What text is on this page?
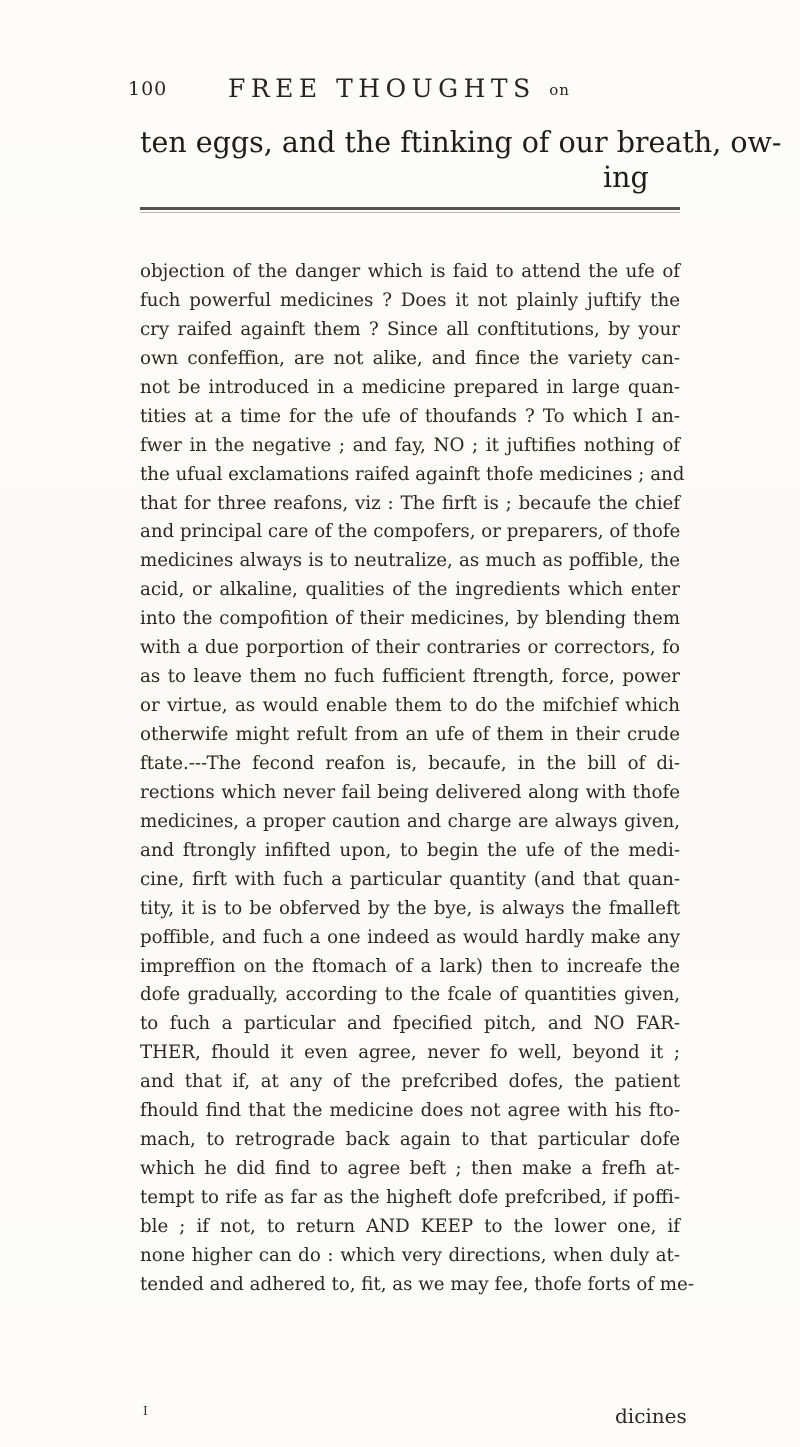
100 FREE THOUGHTS on
ten eggs, and the ftinking of our breath, ow-
ing
objection of the danger which is faid to attend the ufe of
fuch powerful medicines ? Does it not plainly juftify the
cry raifed againft them ? Since all conftitutions, by your
own confeffion, are not alike, and fince the variety can-
not be introduced in a medicine prepared in large quan-
tities at a time for the ufe of thoufands ? To which I an-
fwer in the negative ; and fay, NO ; it juftifies nothing of
the ufual exclamations raifed againft thofe medicines ; and
that for three reafons, viz : The firft is ; becaufe the chief
and principal care of the compofers, or preparers, of thofe
medicines always is to neutralize, as much as poffible, the
acid, or alkaline, qualities of the ingredients which enter
into the compofition of their medicines, by blending them
with a due porportion of their contraries or correctors, fo
as to leave them no fuch fufficient ftrength, force, power
or virtue, as would enable them to do the mifchief which
otherwife might refult from an ufe of them in their crude
ftate.---The fecond reafon is, becaufe, in the bill of di-
rections which never fail being delivered along with thofe
medicines, a proper caution and charge are always given,
and ftrongly infifted upon, to begin the ufe of the medi-
cine, firft with fuch a particular quantity (and that quan-
tity, it is to be obferved by the bye, is always the fmalleft
poffible, and fuch a one indeed as would hardly make any
impreffion on the ftomach of a lark) then to increafe the
dofe gradually, according to the fcale of quantities given,
to fuch a particular and fpecified pitch, and NO FAR-
THER, fhould it even agree, never fo well, beyond it ;
and that if, at any of the prefcribed dofes, the patient
fhould find that the medicine does not agree with his fto-
mach, to retrograde back again to that particular dofe
which he did find to agree beft ; then make a frefh at-
tempt to rife as far as the higheft dofe prefcribed, if poffi-
ble ; if not, to return AND KEEP to the lower one, if
none higher can do : which very directions, when duly at-
tended and adhered to, fit, as we may fee, thofe forts of me-
I	dicines
